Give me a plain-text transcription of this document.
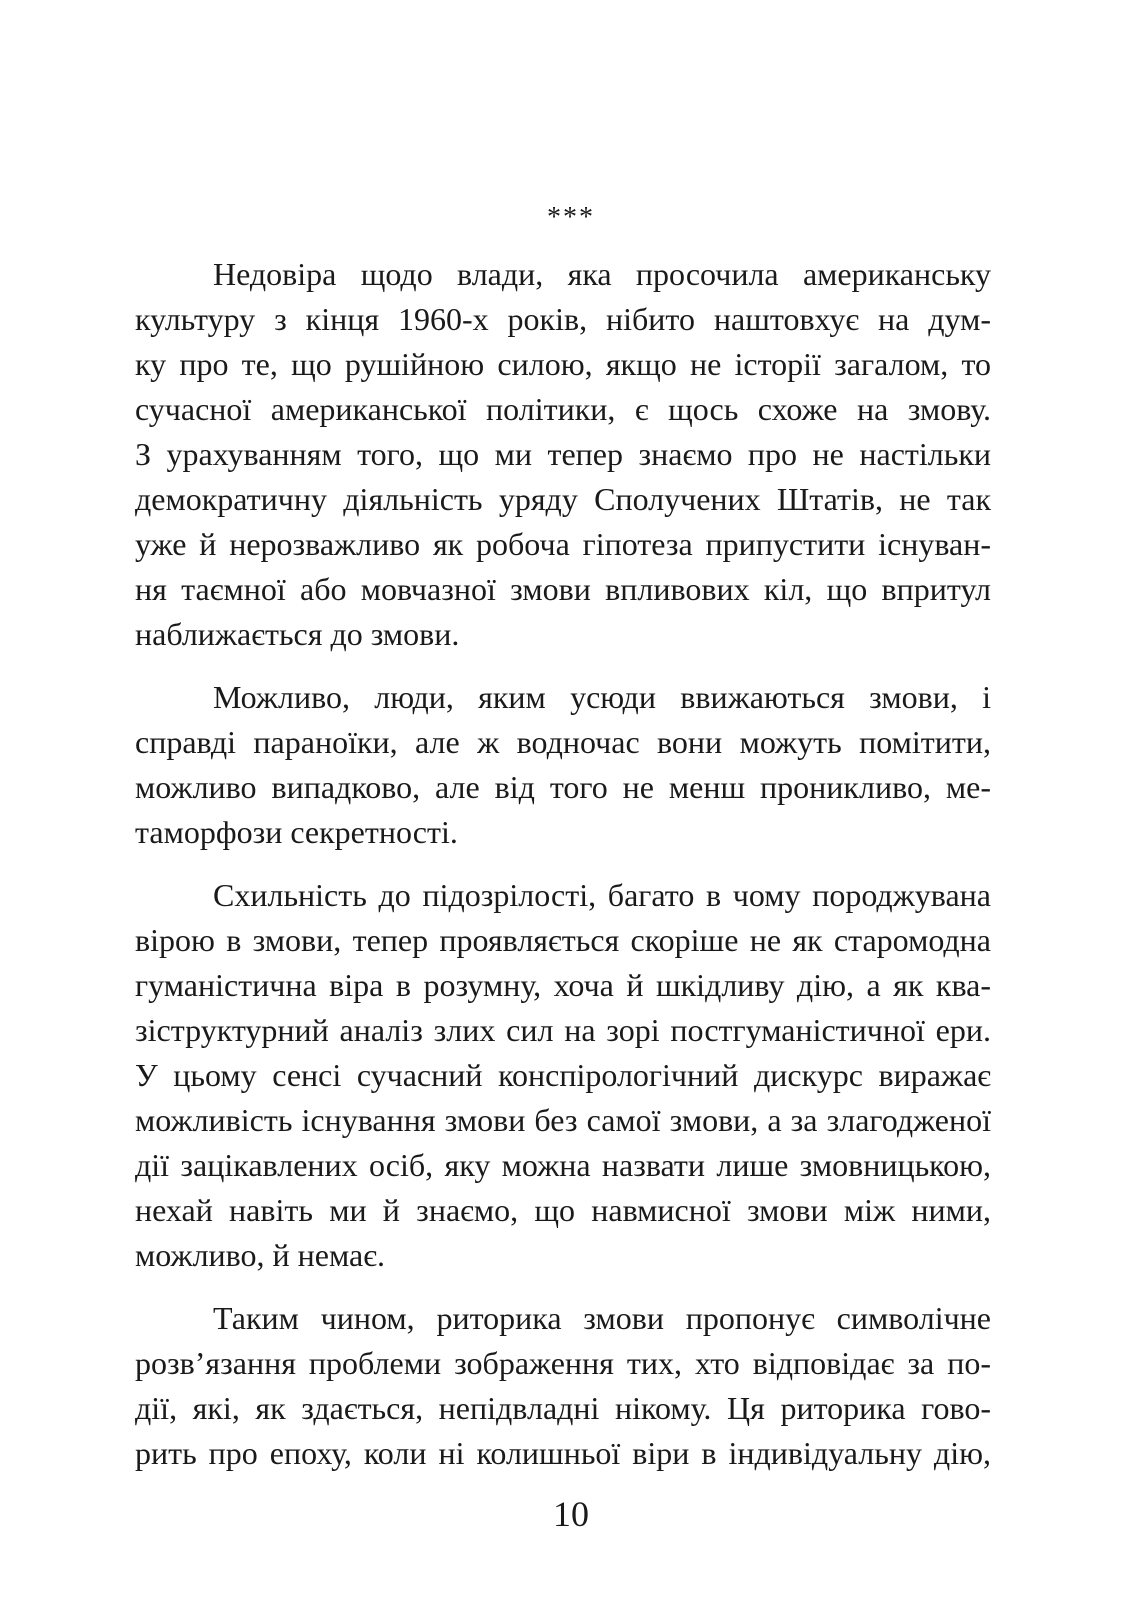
***
Недовіра щодо влади, яка просочила американську
культуру з кінця 1960-х років, нібито наштовхує на дум-
ку про те, що рушійною силою, якщо не історії загалом, то
сучасної американської політики, є щось схоже на змову.
З урахуванням того, що ми тепер знаємо про не настільки
демократичну діяльність уряду Сполучених Штатів, не так
уже й нерозважливо як робоча гіпотеза припустити існуван-
ня таємної або мовчазної змови впливових кіл, що впритул
наближається до змови.
Можливо, люди, яким усюди ввижаються змови, і
справді параноїки, але ж водночас вони можуть помітити,
можливо випадково, але від того не менш проникливо, ме-
таморфози секретності.
Схильність до підозрілості, багато в чому породжувана
вірою в змови, тепер проявляється скоріше не як старомодна
гуманістична віра в розумну, хоча й шкідливу дію, а як ква-
зіструктурний аналіз злих сил на зорі постгуманістичної ери.
У цьому сенсі сучасний конспірологічний дискурс виражає
можливість існування змови без самої змови, а за злагодженої
дії зацікавлених осіб, яку можна назвати лише змовницькою,
нехай навіть ми й знаємо, що навмисної змови між ними,
можливо, й немає.
Таким чином, риторика змови пропонує символічне
розв’язання проблеми зображення тих, хто відповідає за по-
дії, які, як здається, непідвладні нікому. Ця риторика гово-
рить про епоху, коли ні колишньої віри в індивідуальну дію,
10
